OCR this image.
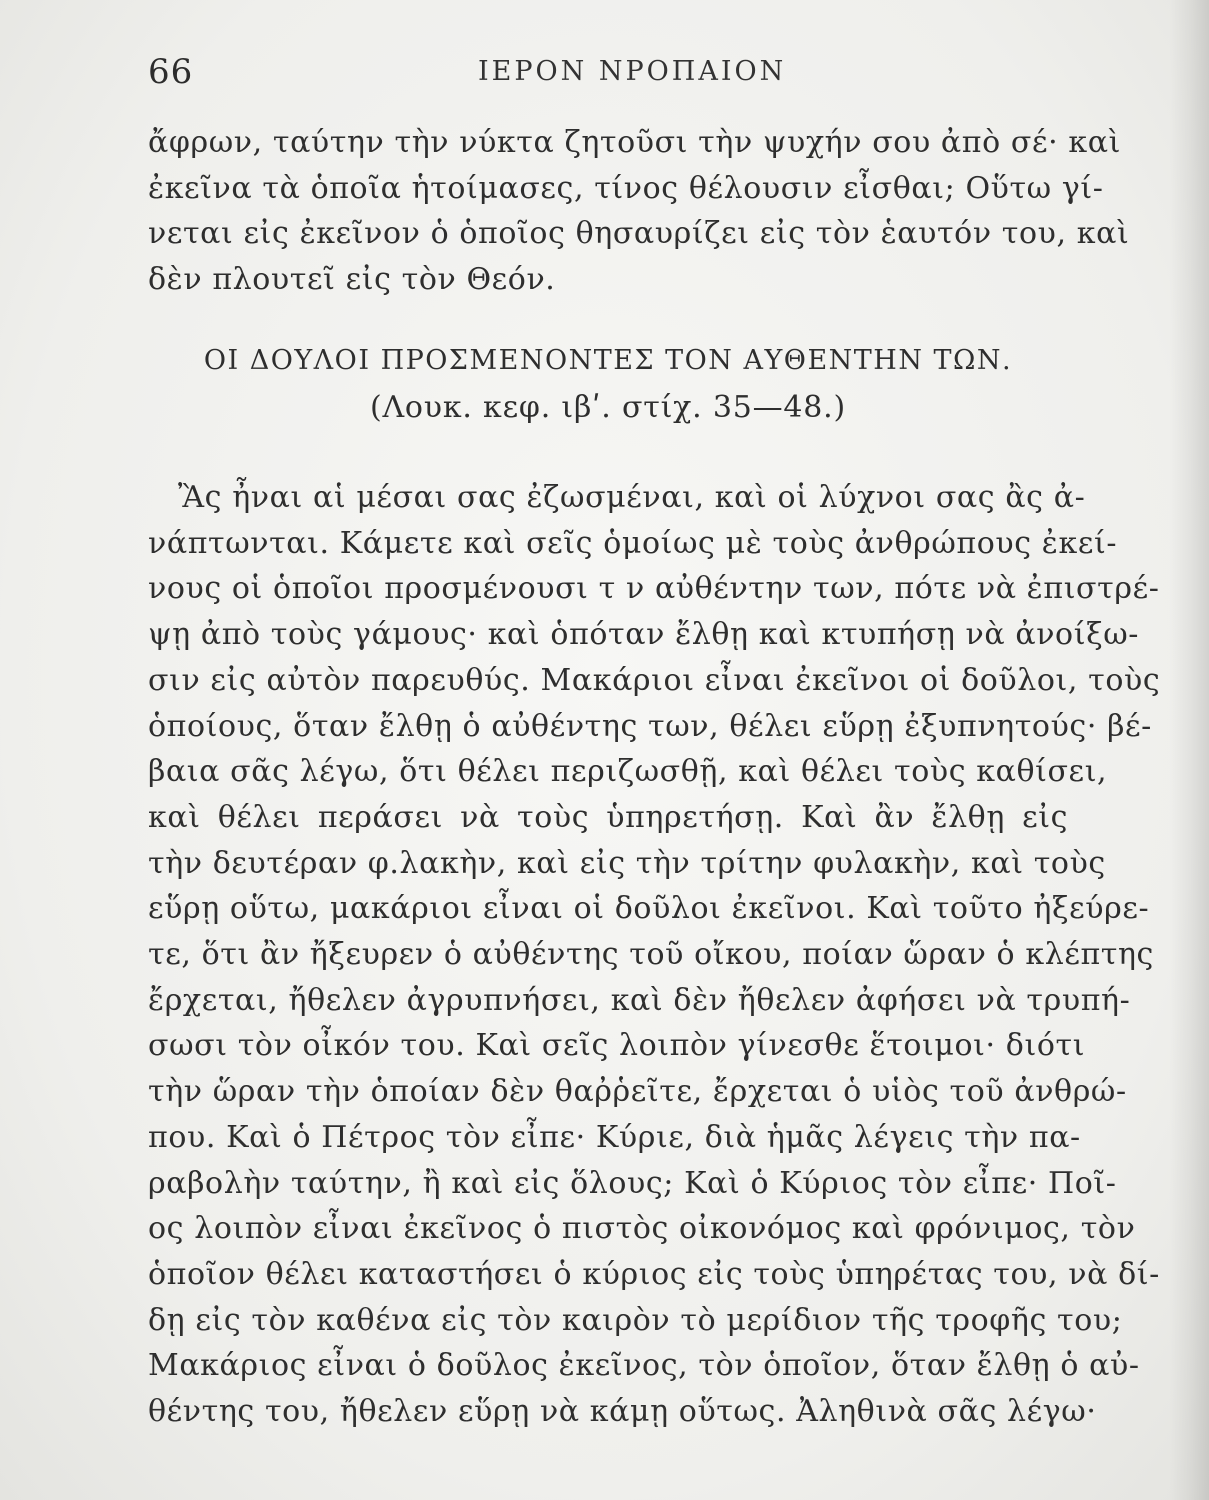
66	ΙΕΡΟΝ ΝΡΟΠΑΙΟΝ
ἄφρων, ταύτην τὴν νύκτα ζητοῦσι τὴν ψυχήν σου ἀπὸ σέ· καὶ
ἐκεῖνα τὰ ὁποῖα ἡτοίμασες, τίνος θέλουσιν εἶσθαι; Οὕτω γί-
νεται εἰς ἐκεῖνον ὁ ὁποῖος θησαυρίζει εἰς τὸν ἑαυτόν του, καὶ
δὲν πλουτεῖ εἰς τὸν Θεόν.
ΟΙ ΔΟΥΛΟΙ ΠΡΟΣΜΕΝΟΝΤΕΣ ΤΟΝ ΑΥΘΕΝΤΗΝ ΤΩΝ.
(Λουκ. κεφ. ιβʹ. στίχ. 35—48.)
Ἂς ἦναι αἱ μέσαι σας ἐζωσμέναι, καὶ οἱ λύχνοι σας ἂς ἀ-
νάπτωνται. Κάμετε καὶ σεῖς ὁμοίως μὲ τοὺς ἀνθρώπους ἐκεί-
νους οἱ ὁποῖοι προσμένουσι τ ν αὐθέντην των, πότε νὰ ἐπιστρέ-
ψῃ ἀπὸ τοὺς γάμους· καὶ ὁπόταν ἔλθῃ καὶ κτυπήσῃ νὰ ἀνοίξω-
σιν εἰς αὐτὸν παρευθύς. Μακάριοι εἶναι ἐκεῖνοι οἱ δοῦλοι, τοὺς
ὁποίους, ὅταν ἔλθῃ ὁ αὐθέντης των, θέλει εὕρῃ ἐξυπνητούς· βέ-
βαια σᾶς λέγω, ὅτι θέλει περιζωσθῇ, καὶ θέλει τοὺς καθίσει,
καὶ θέλει περάσει νὰ τοὺς ὑπηρετήσῃ. Καὶ ἂν ἔλθῃ εἰς
τὴν δευτέραν φ.λακὴν, καὶ εἰς τὴν τρίτην φυλακὴν, καὶ τοὺς
εὕρῃ οὕτω, μακάριοι εἶναι οἱ δοῦλοι ἐκεῖνοι. Καὶ τοῦτο ἠξεύρε-
τε, ὅτι ἂν ἤξευρεν ὁ αὐθέντης τοῦ οἴκου, ποίαν ὥραν ὁ κλέπτης
ἔρχεται, ἤθελεν ἀγρυπνήσει, καὶ δὲν ἤθελεν ἀφήσει νὰ τρυπή-
σωσι τὸν οἶκόν του. Καὶ σεῖς λοιπὸν γίνεσθε ἕτοιμοι· διότι
τὴν ὥραν τὴν ὁποίαν δὲν θαῤῥεῖτε, ἔρχεται ὁ υἱὸς τοῦ ἀνθρώ-
που. Καὶ ὁ Πέτρος τὸν εἶπε· Κύριε, διὰ ἡμᾶς λέγεις τὴν πα-
ραβολὴν ταύτην, ἢ καὶ εἰς ὅλους; Καὶ ὁ Κύριος τὸν εἶπε· Ποῖ-
ος λοιπὸν εἶναι ἐκεῖνος ὁ πιστὸς οἰκονόμος καὶ φρόνιμος, τὸν
ὁποῖον θέλει καταστήσει ὁ κύριος εἰς τοὺς ὑπηρέτας του, νὰ δί-
δῃ εἰς τὸν καθένα εἰς τὸν καιρὸν τὸ μερίδιον τῆς τροφῆς του;
Μακάριος εἶναι ὁ δοῦλος ἐκεῖνος, τὸν ὁποῖον, ὅταν ἔλθῃ ὁ αὐ-
θέντης του, ἤθελεν εὕρῃ νὰ κάμῃ οὕτως. Ἀληθινὰ σᾶς λέγω·
